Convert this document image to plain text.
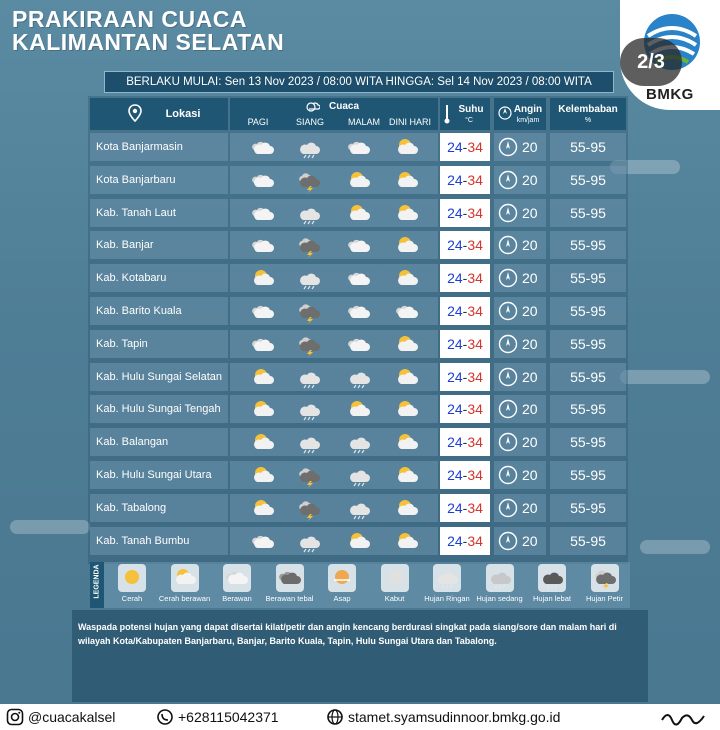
PRAKIRAAN CUACA
KALIMANTAN SELATAN
BMKG
2/3
BERLAKU MULAI: Sen 13 Nov 2023 / 08:00 WITA HINGGA: Sel 14 Nov 2023 / 08:00 WITA
Lokasi
Cuaca
PAGI	SIANG	MALAM DINI HARI
Suhu
°C
Angin
km/jam
Kelembaban
%
Kota Banjarmasin	24-34	20	55-95
Kota Banjarbaru	24-34	20	55-95
Kab. Tanah Laut	24-34	20	55-95
Kab. Banjar	24-34	20	55-95
Kab. Kotabaru	24-34	20	55-95
Kab. Barito Kuala	24-34	20	55-95
Kab. Tapin	24-34	20	55-95
Kab. Hulu Sungai Selatan	24-34	20	55-95
Kab. Hulu Sungai Tengah	24-34	20	55-95
Kab. Balangan	24-34	20	55-95
Kab. Hulu Sungai Utara	24-34	20	55-95
Kab. Tabalong	24-34	20	55-95
Kab. Tanah Bumbu	24-34	20	55-95
LEGENDA	Cerah	Cerah berawan	Berawan	Berawan tebal	Asap	Kabut	Hujan Ringan Hujan sedang	Hujan lebat	Hujan Petir
Waspada potensi hujan yang dapat disertai kilat/petir dan angin kencang berdurasi singkat pada siang/sore dan malam hari di wilayah Kota/Kabupaten Banjarbaru, Banjar, Barito Kuala, Tapin, Hulu Sungai Utara dan Tabalong.
@cuacakalsel	+628115042371	stamet.syamsudinnoor.bmkg.go.id
